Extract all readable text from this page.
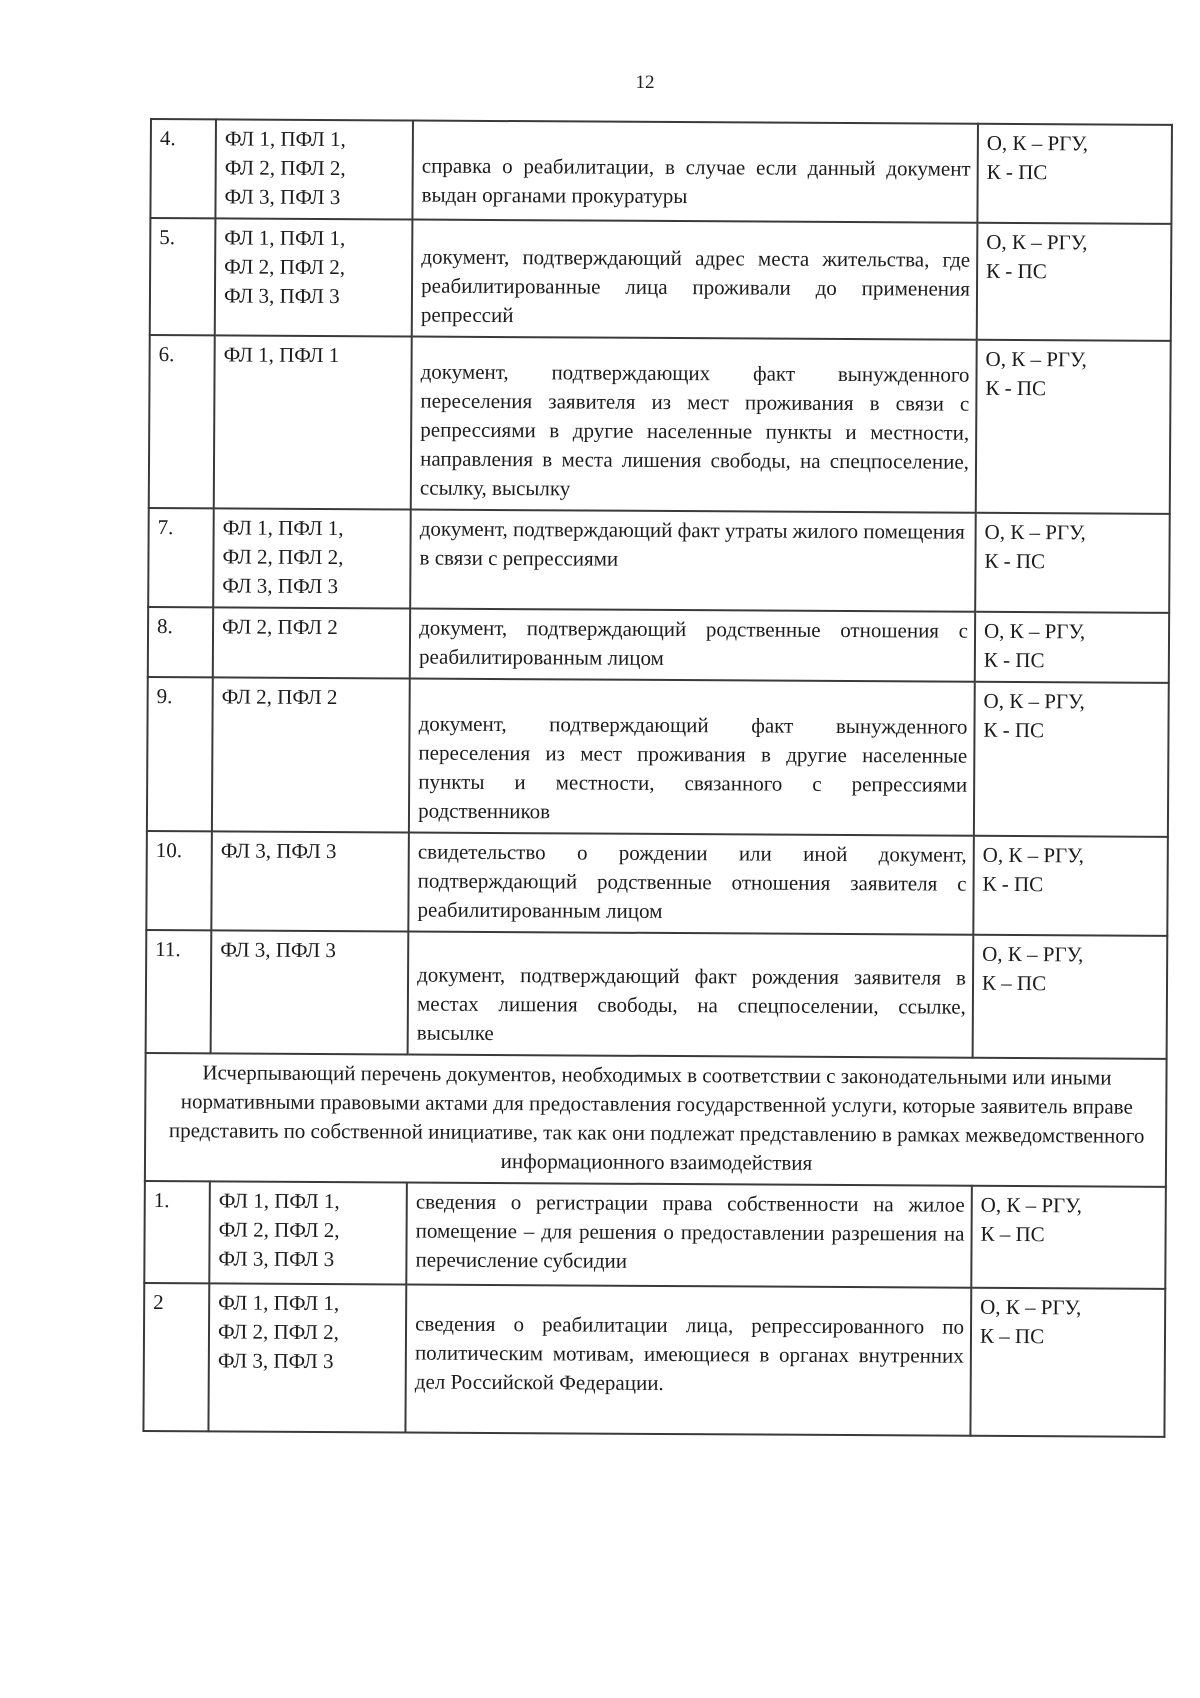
12
4.	ФЛ 1, ПФЛ 1,
ФЛ 2, ПФЛ 2,
ФЛ 3, ПФЛ 3	справка о реабилитации, в случае если данный документ выдан органами прокуратуры	О, К – РГУ,
К - ПС

5.	ФЛ 1, ПФЛ 1,
ФЛ 2, ПФЛ 2,
ФЛ 3, ПФЛ 3	документ, подтверждающий адрес места жительства, где реабилитированные лица проживали до применения репрессий	О, К – РГУ,
К - ПС

6.	ФЛ 1, ПФЛ 1	документ, подтверждающих факт вынужденного переселения заявителя из мест проживания в связи с репрессиями в другие населенные пункты и местности, направления в места лишения свободы, на спецпоселение, ссылку, высылку	О, К – РГУ,
К - ПС

7.	ФЛ 1, ПФЛ 1,
ФЛ 2, ПФЛ 2,
ФЛ 3, ПФЛ 3	документ, подтверждающий факт утраты жилого помещения в связи с репрессиями	О, К – РГУ,
К - ПС

8.	ФЛ 2, ПФЛ 2	документ, подтверждающий родственные отношения с реабилитированным лицом	О, К – РГУ,
К - ПС

9.	ФЛ 2, ПФЛ 2	документ, подтверждающий факт вынужденного переселения из мест проживания в другие населенные пункты и местности, связанного с репрессиями родственников	О, К – РГУ,
К - ПС

10.	ФЛ 3, ПФЛ 3	свидетельство о рождении или иной документ, подтверждающий родственные отношения заявителя с реабилитированным лицом	О, К – РГУ,
К - ПС

11.	ФЛ 3, ПФЛ 3	документ, подтверждающий факт рождения заявителя в местах лишения свободы, на спецпоселении, ссылке, высылке	О, К – РГУ,
К – ПС

Исчерпывающий перечень документов, необходимых в соответствии с законодательными или иными нормативными правовыми актами для предоставления государственной услуги, которые заявитель вправе представить по собственной инициативе, так как они подлежат представлению в рамках межведомственного информационного взаимодействия			
1.	ФЛ 1, ПФЛ 1,
ФЛ 2, ПФЛ 2,
ФЛ 3, ПФЛ 3	сведения о регистрации права собственности на жилое помещение – для решения о предоставлении разрешения на перечисление субсидии	О, К – РГУ,
К – ПС

2	ФЛ 1, ПФЛ 1,
ФЛ 2, ПФЛ 2,
ФЛ 3, ПФЛ 3	сведения о реабилитации лица, репрессированного по политическим мотивам, имеющиеся в органах внутренних дел Российской Федерации.	О, К – РГУ,
К – ПС
